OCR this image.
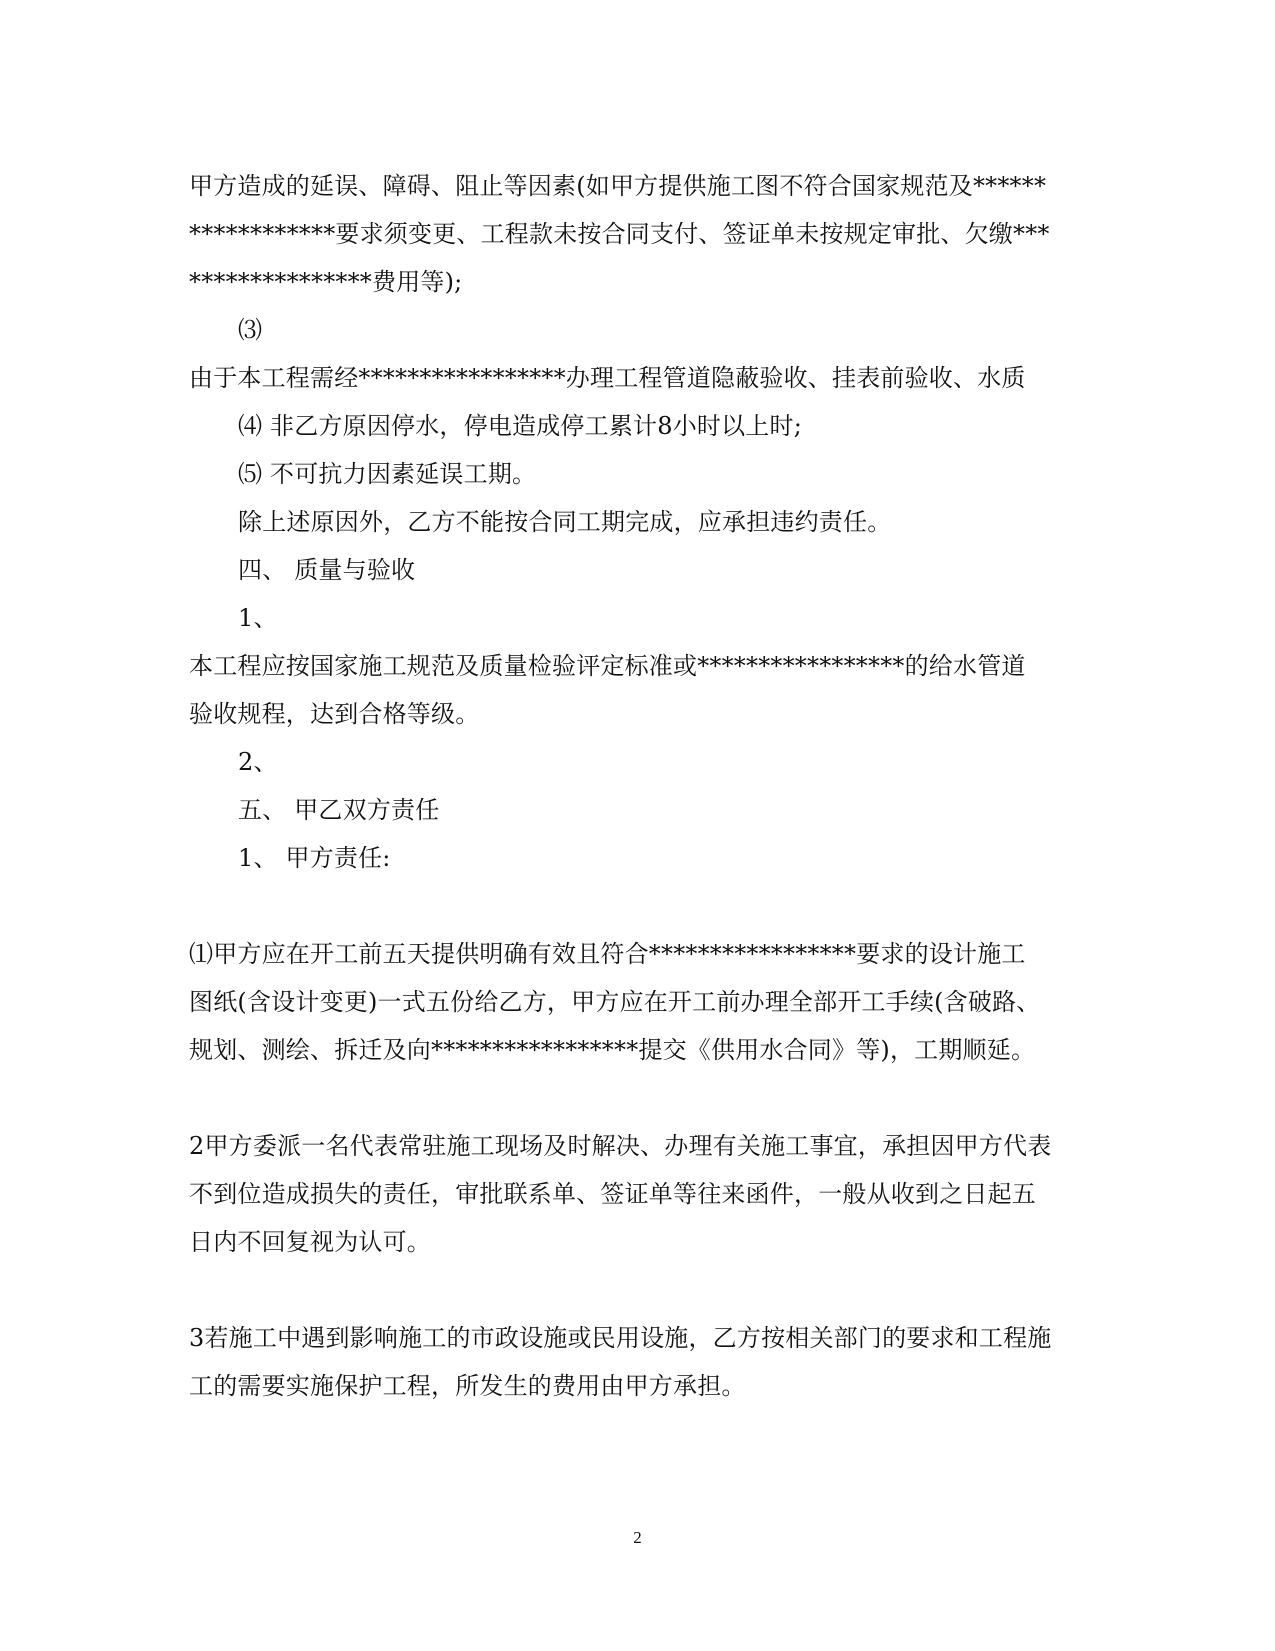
甲方造成的延误、障碍、阻止等因素(如甲方提供施工图不符合国家规范及******
************要求须变更、工程款未按合同支付、签证单未按规定审批、欠缴***
***************费用等);
⑶
由于本工程需经*****************办理工程管道隐蔽验收、挂表前验收、水质
⑷ 非乙方原因停水，停电造成停工累计8小时以上时;
⑸ 不可抗力因素延误工期。
除上述原因外，乙方不能按合同工期完成，应承担违约责任。
四、 质量与验收
1、
本工程应按国家施工规范及质量检验评定标准或*****************的给水管道
验收规程，达到合格等级。
2、
五、 甲乙双方责任
1、 甲方责任:
⑴甲方应在开工前五天提供明确有效且符合*****************要求的设计施工
图纸(含设计变更)一式五份给乙方，甲方应在开工前办理全部开工手续(含破路、
规划、测绘、拆迁及向*****************提交《供用水合同》等)，工期顺延。
2甲方委派一名代表常驻施工现场及时解决、办理有关施工事宜，承担因甲方代表
不到位造成损失的责任，审批联系单、签证单等往来函件，一般从收到之日起五
日内不回复视为认可。
3若施工中遇到影响施工的市政设施或民用设施，乙方按相关部门的要求和工程施
工的需要实施保护工程，所发生的费用由甲方承担。
2
